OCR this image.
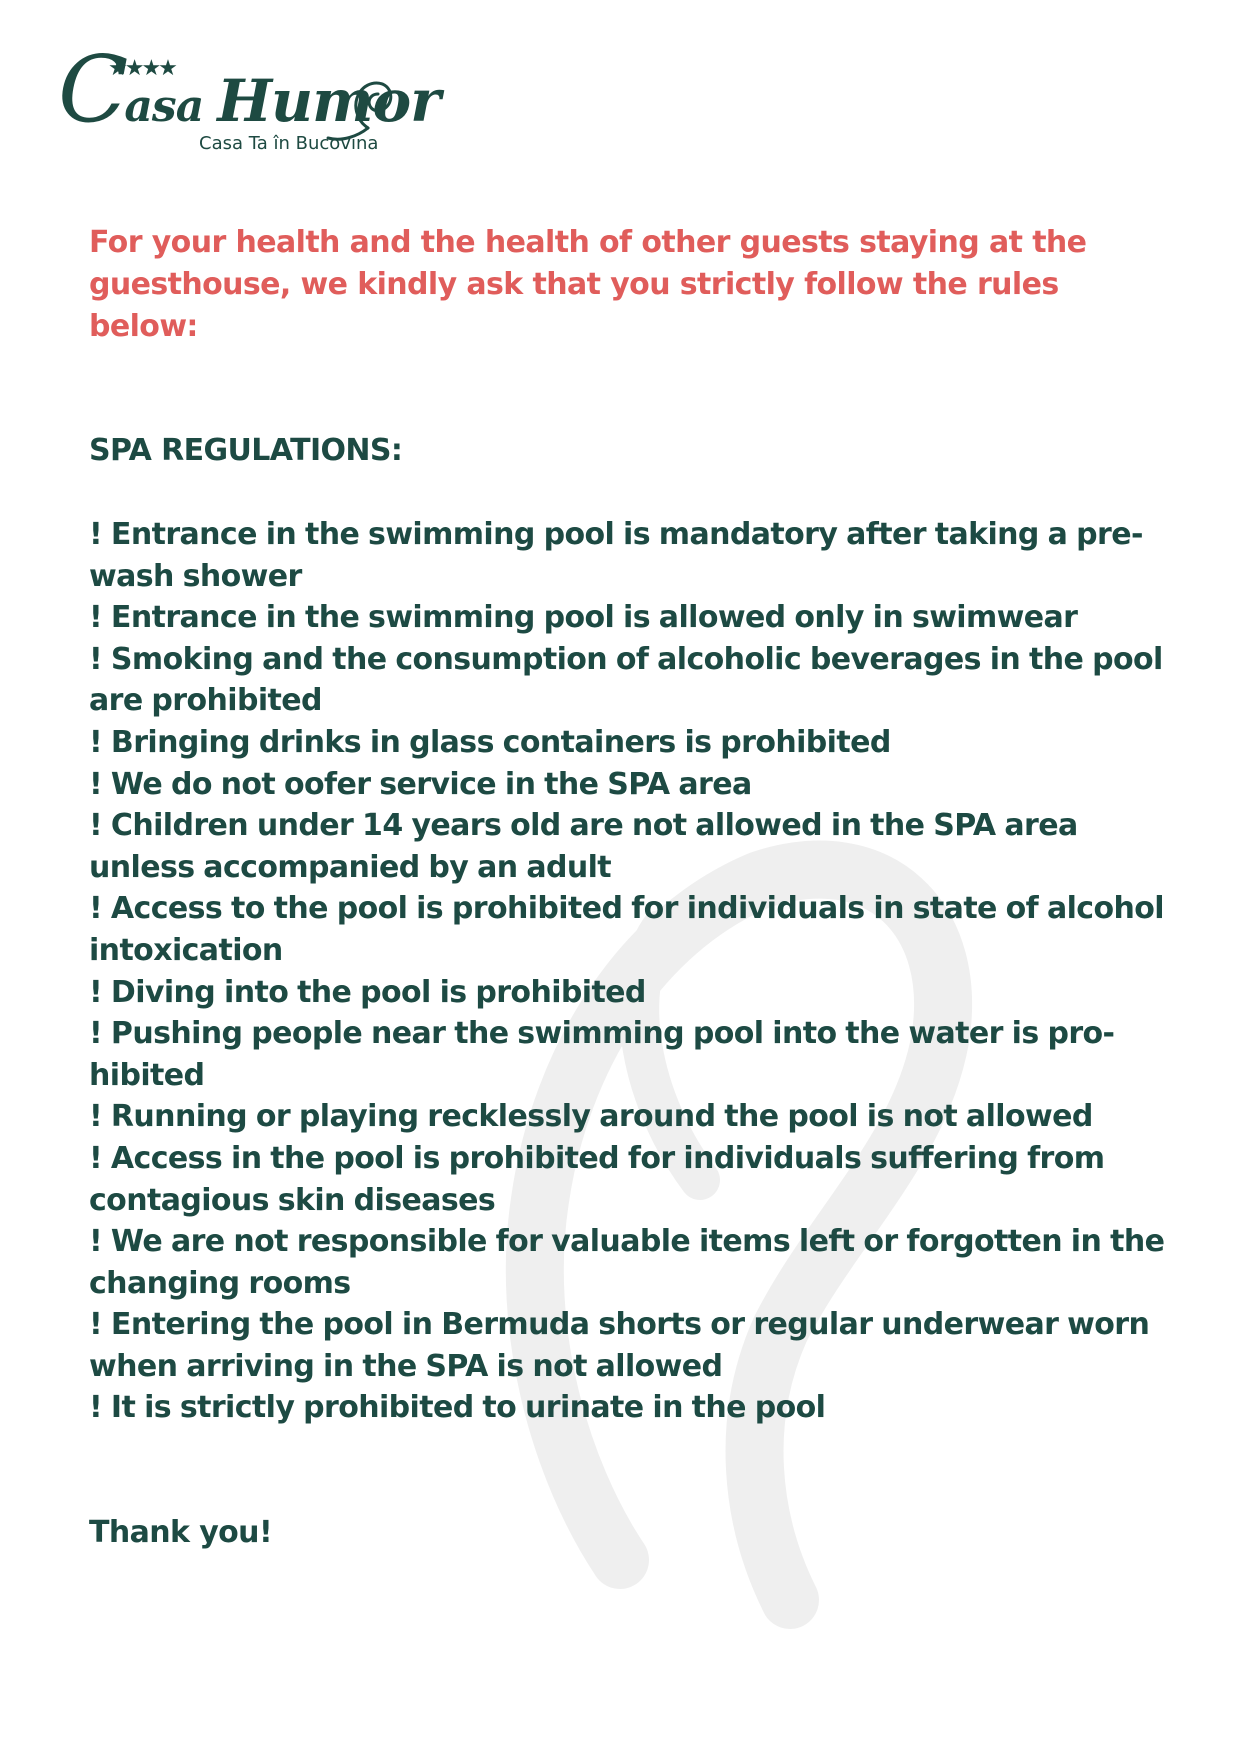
Casa Humor
★★★★
Casa Ta în Bucovina

For your health and the health of other guests staying at the guesthouse, we kindly ask that you strictly follow the rules below:

SPA REGULATIONS:

! Entrance in the swimming pool is mandatory after taking a pre-wash shower
! Entrance in the swimming pool is allowed only in swimwear
! Smoking and the consumption of alcoholic beverages in the pool are prohibited
! Bringing drinks in glass containers is prohibited
! We do not oofer service in the SPA area
! Children under 14 years old are not allowed in the SPA area unless accompanied by an adult
! Access to the pool is prohibited for individuals in state of alcohol intoxication
! Diving into the pool is prohibited
! Pushing people near the swimming pool into the water is pro-hibited
! Running or playing recklessly around the pool is not allowed
! Access in the pool is prohibited for individuals suffering from contagious skin diseases
! We are not responsible for valuable items left or forgotten in the changing rooms
! Entering the pool in Bermuda shorts or regular underwear worn when arriving in the SPA is not allowed
! It is strictly prohibited to urinate in the pool

Thank you!
